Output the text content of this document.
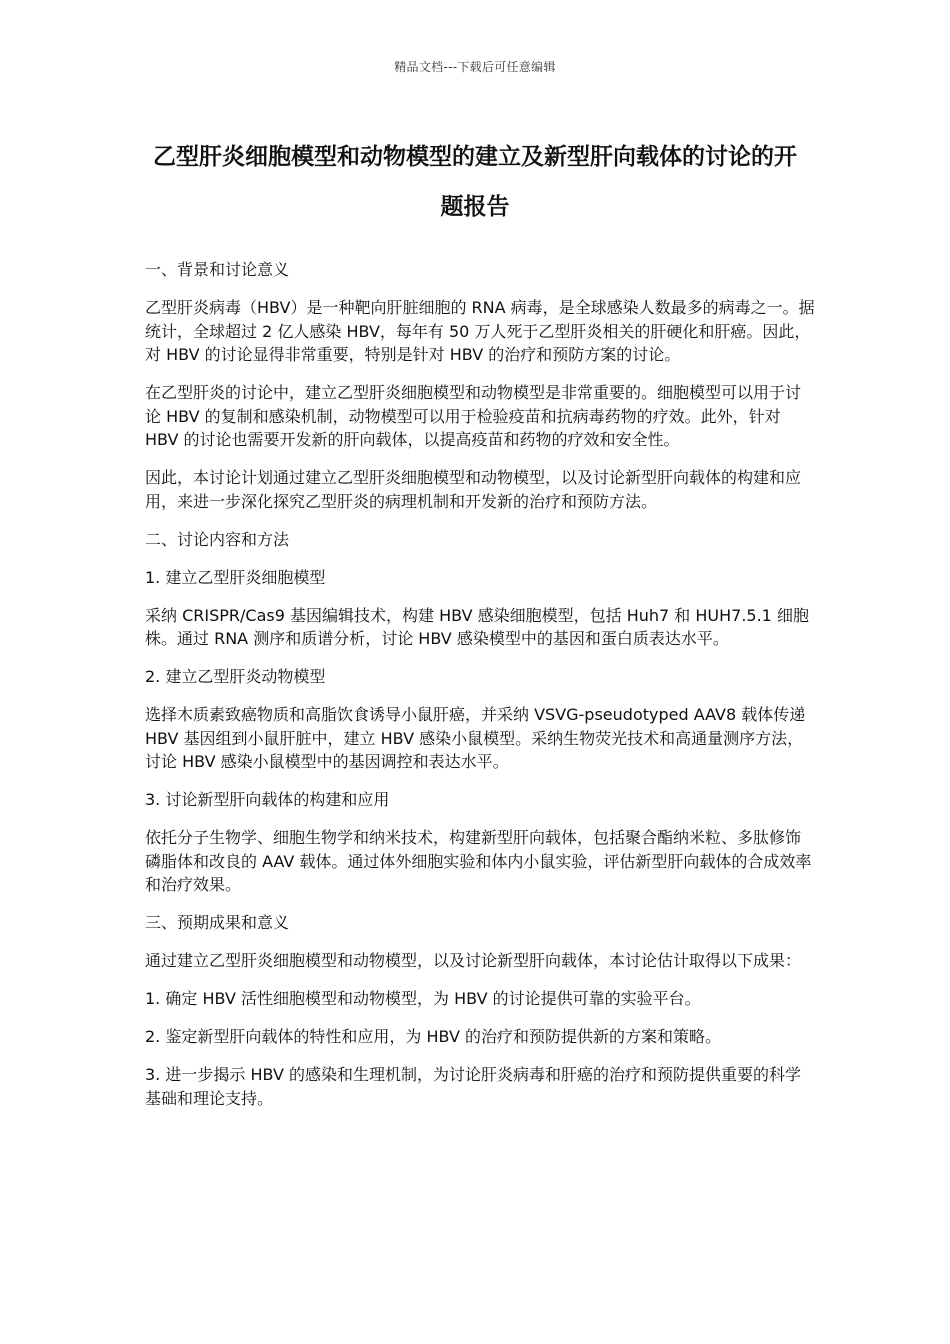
精品文档---下载后可任意编辑
乙型肝炎细胞模型和动物模型的建立及新型肝向载体的讨论的开题报告

一、背景和讨论意义

乙型肝炎病毒（HBV）是一种靶向肝脏细胞的 RNA 病毒，是全球感染人数最多的病毒之一。据统计，全球超过 2 亿人感染 HBV，每年有 50 万人死于乙型肝炎相关的肝硬化和肝癌。因此，对 HBV 的讨论显得非常重要，特别是针对 HBV 的治疗和预防方案的讨论。

在乙型肝炎的讨论中，建立乙型肝炎细胞模型和动物模型是非常重要的。细胞模型可以用于讨论 HBV 的复制和感染机制，动物模型可以用于检验疫苗和抗病毒药物的疗效。此外，针对 HBV 的讨论也需要开发新的肝向载体，以提高疫苗和药物的疗效和安全性。

因此，本讨论计划通过建立乙型肝炎细胞模型和动物模型，以及讨论新型肝向载体的构建和应用，来进一步深化探究乙型肝炎的病理机制和开发新的治疗和预防方法。

二、讨论内容和方法

1. 建立乙型肝炎细胞模型

采纳 CRISPR/Cas9 基因编辑技术，构建 HBV 感染细胞模型，包括 Huh7 和 HUH7.5.1 细胞株。通过 RNA 测序和质谱分析，讨论 HBV 感染模型中的基因和蛋白质表达水平。

2. 建立乙型肝炎动物模型

选择木质素致癌物质和高脂饮食诱导小鼠肝癌，并采纳 VSVG-pseudotyped AAV8 载体传递 HBV 基因组到小鼠肝脏中，建立 HBV 感染小鼠模型。采纳生物荧光技术和高通量测序方法，讨论 HBV 感染小鼠模型中的基因调控和表达水平。

3. 讨论新型肝向载体的构建和应用

依托分子生物学、细胞生物学和纳米技术，构建新型肝向载体，包括聚合酯纳米粒、多肽修饰磷脂体和改良的 AAV 载体。通过体外细胞实验和体内小鼠实验，评估新型肝向载体的合成效率和治疗效果。

三、预期成果和意义

通过建立乙型肝炎细胞模型和动物模型，以及讨论新型肝向载体，本讨论估计取得以下成果：

1. 确定 HBV 活性细胞模型和动物模型，为 HBV 的讨论提供可靠的实验平台。

2. 鉴定新型肝向载体的特性和应用，为 HBV 的治疗和预防提供新的方案和策略。

3. 进一步揭示 HBV 的感染和生理机制，为讨论肝炎病毒和肝癌的治疗和预防提供重要的科学基础和理论支持。
